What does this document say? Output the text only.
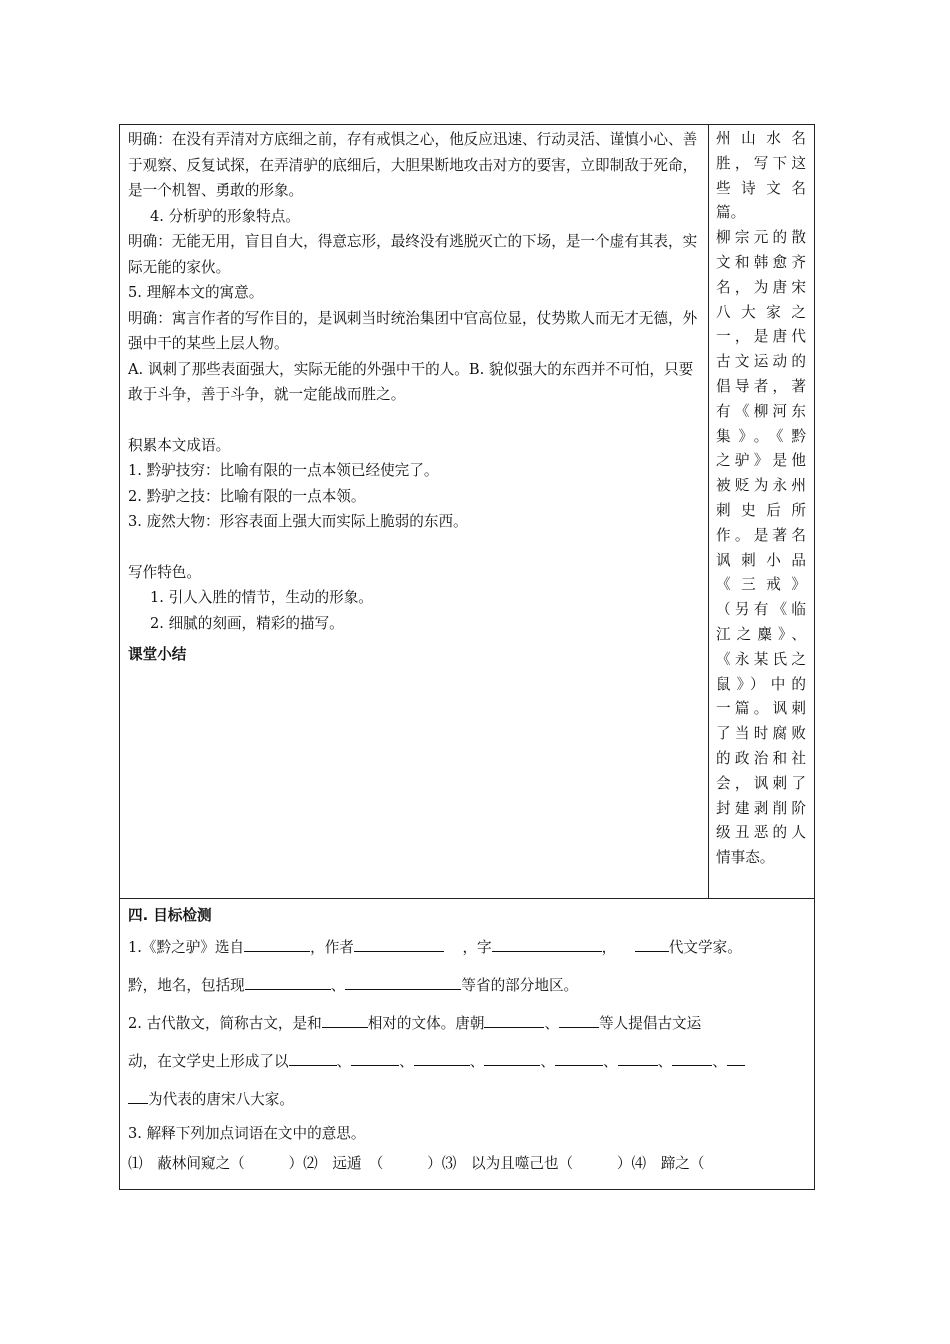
明确：在没有弄清对方底细之前，存有戒惧之心，他反应迅速、行动灵活、谨慎小心、善于观察、反复试探，在弄清驴的底细后，大胆果断地攻击对方的要害，立即制敌于死命，是一个机智、勇敢的形象。

4. 分析驴的形象特点。

明确：无能无用，盲目自大，得意忘形，最终没有逃脱灭亡的下场，是一个虚有其表，实际无能的家伙。

5. 理解本文的寓意。

明确：寓言作者的写作目的，是讽刺当时统治集团中官高位显，仗势欺人而无才无德，外强中干的某些上层人物。

A. 讽刺了那些表面强大，实际无能的外强中干的人。B. 貌似强大的东西并不可怕，只要敢于斗争，善于斗争，就一定能战而胜之。

积累本文成语。

1. 黔驴技穷：比喻有限的一点本领已经使完了。

2. 黔驴之技：比喻有限的一点本领。

3. 庞然大物：形容表面上强大而实际上脆弱的东西。

写作特色。

1. 引人入胜的情节，生动的形象。

2. 细腻的刻画，精彩的描写。

课堂小结

州山水名
胜，写下这
些诗文名
篇。
柳宗元的散
文和韩愈齐
名，为唐宋
八大家之
一，是唐代
古文运动的
倡导者，著
有《柳河东
集》。《黔
之驴》是他
被贬为永州
刺史后所
作。是著名
讽刺小品
《三戒》
（另有《临
江之麋》、
《永某氏之
鼠》）中的
一篇。讽刺
了当时腐败
的政治和社
会，讽刺了
封建剥削阶
级丑恶的人
情事态。
四. 目标检测
1.《黔之驴》选自	，作者	，字	，	代文学家。
黔，地名，包括现	、	等省的部分地区。
2. 古代散文，简称古文，是和	相对的文体。唐朝	、	等人提倡古文运
动，在文学史上形成了以	、	、	、	、	、	、	、
为代表的唐宋八大家。
3. 解释下列加点词语在文中的意思。
⑴　蔽林间窥之（　　　）⑵　远遁　（　　　）⑶　以为且噬己也（　　　）⑷　蹄之（
